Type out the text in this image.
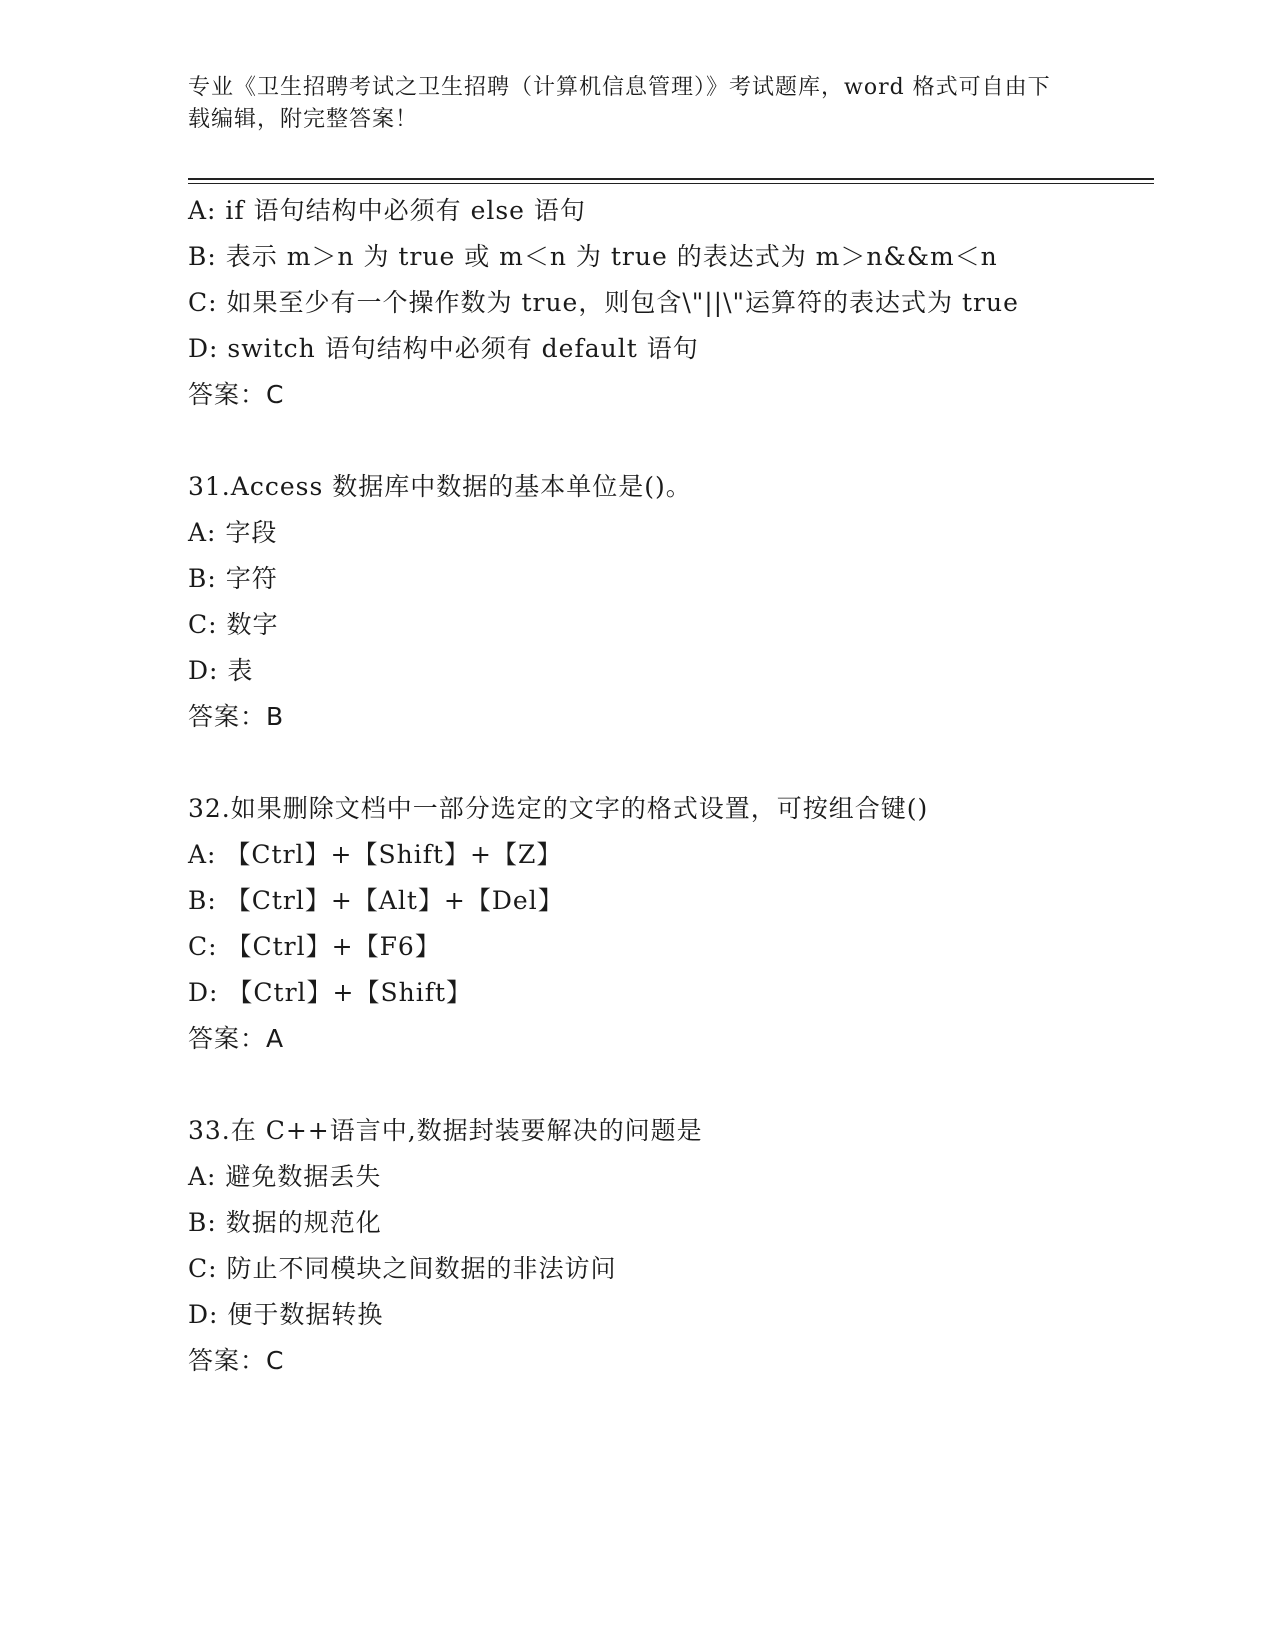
专业《卫生招聘考试之卫生招聘（计算机信息管理）》考试题库，word 格式可自由下载编辑，附完整答案！
A: if 语句结构中必须有 else 语句
B: 表示 m＞n 为 true 或 m＜n 为 true 的表达式为 m＞n&&m＜n
C: 如果至少有一个操作数为 true，则包含\"||\"运算符的表达式为 true
D: switch 语句结构中必须有 default 语句
答案：C
31.Access 数据库中数据的基本单位是()。
A: 字段
B: 字符
C: 数字
D: 表
答案：B
32.如果删除文档中一部分选定的文字的格式设置，可按组合键()
A: 【Ctrl】+【Shift】+【Z】
B: 【Ctrl】+【Alt】+【Del】
C: 【Ctrl】+【F6】
D: 【Ctrl】+【Shift】
答案：A
33.在 C++语言中,数据封装要解决的问题是
A: 避免数据丢失
B: 数据的规范化
C: 防止不同模块之间数据的非法访问
D: 便于数据转换
答案：C
